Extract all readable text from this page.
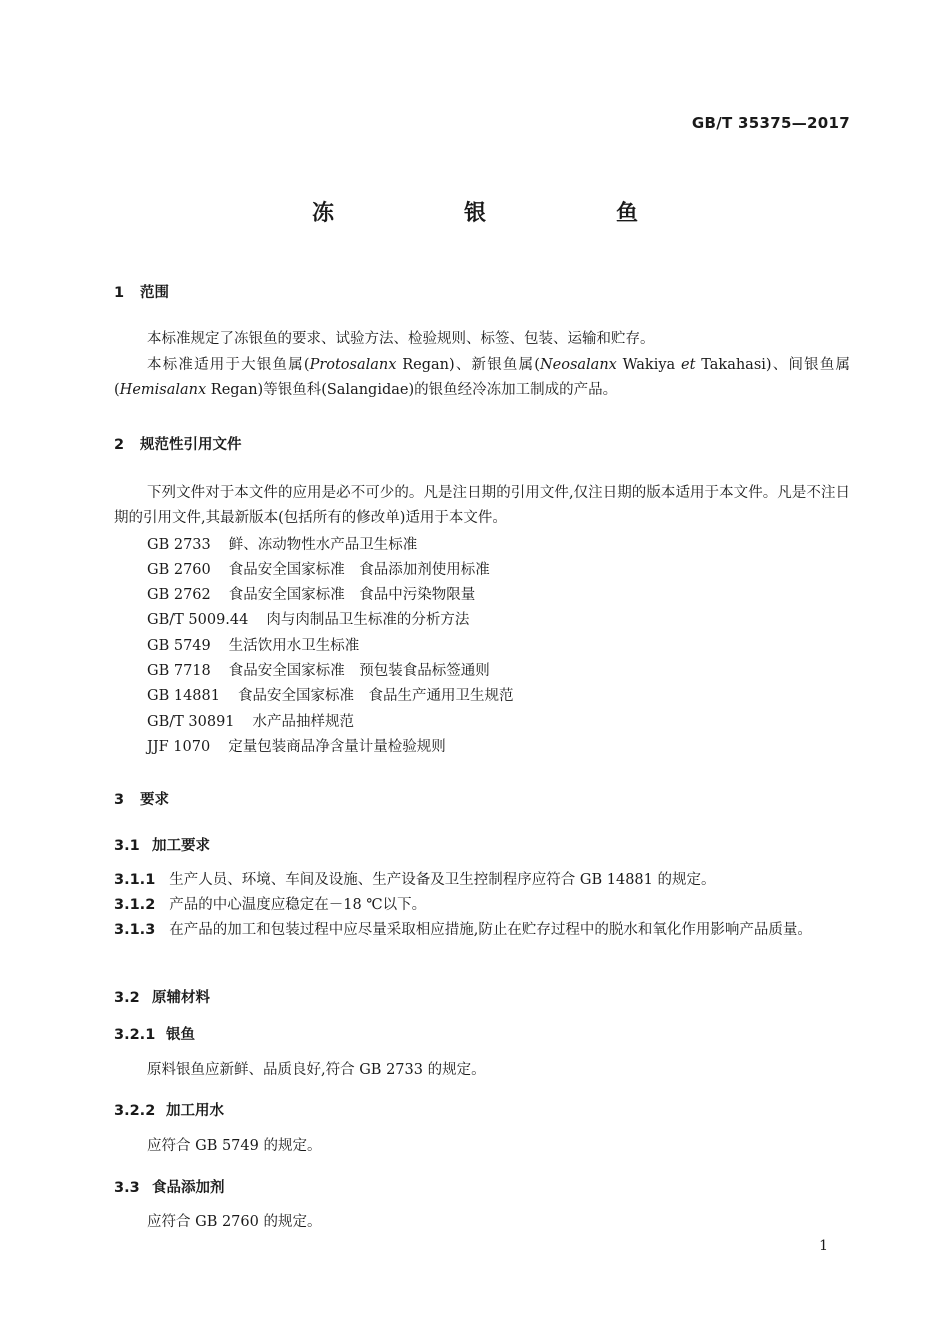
GB/T 35375—2017
冻　银　鱼
1 范围
本标准规定了冻银鱼的要求、试验方法、检验规则、标签、包装、运输和贮存。
本标准适用于大银鱼属(Protosalanx Regan)、新银鱼属(Neosalanx Wakiya et Takahasi)、间银鱼属(Hemisalanx Regan)等银鱼科(Salangidae)的银鱼经冷冻加工制成的产品。
2 规范性引用文件
下列文件对于本文件的应用是必不可少的。凡是注日期的引用文件,仅注日期的版本适用于本文件。凡是不注日期的引用文件,其最新版本(包括所有的修改单)适用于本文件。
GB 2733 鲜、冻动物性水产品卫生标准
GB 2760 食品安全国家标准　食品添加剂使用标准
GB 2762 食品安全国家标准　食品中污染物限量
GB/T 5009.44 肉与肉制品卫生标准的分析方法
GB 5749 生活饮用水卫生标准
GB 7718 食品安全国家标准　预包装食品标签通则
GB 14881 食品安全国家标准　食品生产通用卫生规范
GB/T 30891 水产品抽样规范
JJF 1070 定量包装商品净含量计量检验规则
3 要求
3.1 加工要求
3.1.1 生产人员、环境、车间及设施、生产设备及卫生控制程序应符合 GB 14881 的规定。
3.1.2 产品的中心温度应稳定在－18 ℃以下。
3.1.3 在产品的加工和包装过程中应尽量采取相应措施,防止在贮存过程中的脱水和氧化作用影响产品质量。
3.2 原辅材料
3.2.1 银鱼
原料银鱼应新鲜、品质良好,符合 GB 2733 的规定。
3.2.2 加工用水
应符合 GB 5749 的规定。
3.3 食品添加剂
应符合 GB 2760 的规定。
1
